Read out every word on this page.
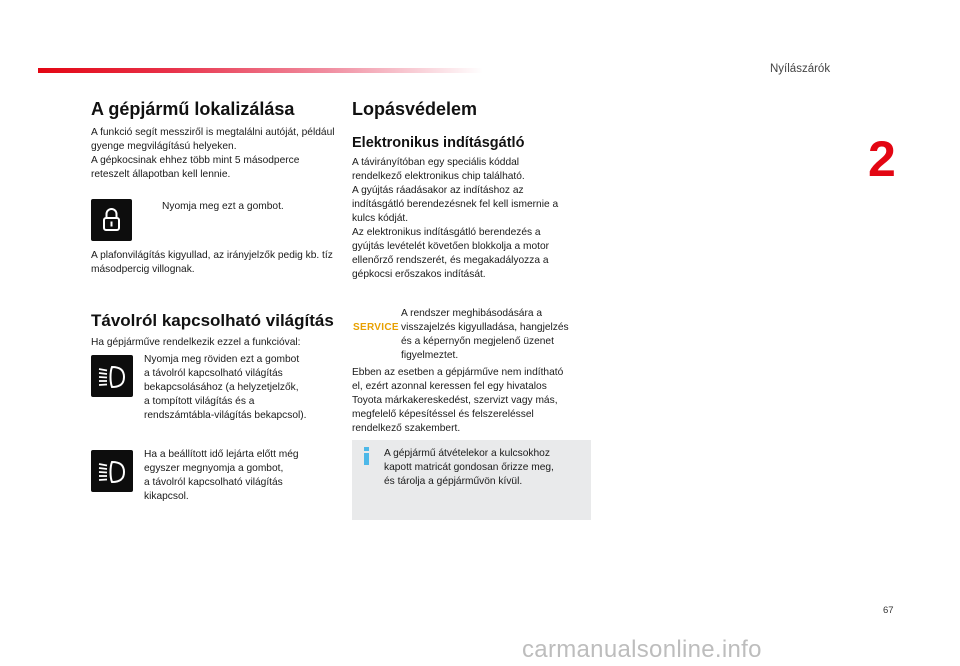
Nyílászárók
2
A gépjármű lokalizálása
A funkció segít messziről is megtalálni autóját, például gyenge megvilágítású helyeken.
A gépkocsinak ehhez több mint 5 másodperce reteszelt állapotban kell lennie.
Nyomja meg ezt a gombot.
A plafonvilágítás kigyullad, az irányjelzők pedig kb. tíz másodpercig villognak.
Távolról kapcsolható világítás
Ha gépjárműve rendelkezik ezzel a funkcióval:
Nyomja meg röviden ezt a gombot
a távolról kapcsolható világítás
bekapcsolásához (a helyzetjelzők,
a tompított világítás és a
rendszámtábla-világítás bekapcsol).
Ha a beállított idő lejárta előtt még
egyszer megnyomja a gombot,
a távolról kapcsolható világítás
kikapcsol.
Lopásvédelem
Elektronikus indításgátló
A távirányítóban egy speciális kóddal
rendelkező elektronikus chip található.
A gyújtás ráadásakor az indításhoz az
indításgátló berendezésnek fel kell ismernie a
kulcs kódját.
Az elektronikus indításgátló berendezés a
gyújtás levételét követően blokkolja a motor
ellenőrző rendszerét, és megakadályozza a
gépkocsi erőszakos indítását.
SERVICE
A rendszer meghibásodására a
visszajelzés kigyulladása, hangjelzés
és a képernyőn megjelenő üzenet
figyelmeztet.
Ebben az esetben a gépjárműve nem indítható
el, ezért azonnal keressen fel egy hivatalos
Toyota márkakereskedést, szervizt vagy más,
megfelelő képesítéssel és felszereléssel
rendelkező szakembert.
A gépjármű átvételekor a kulcsokhoz
kapott matricát gondosan őrizze meg,
és tárolja a gépjárművön kívül.
67
carmanualsonline.info
